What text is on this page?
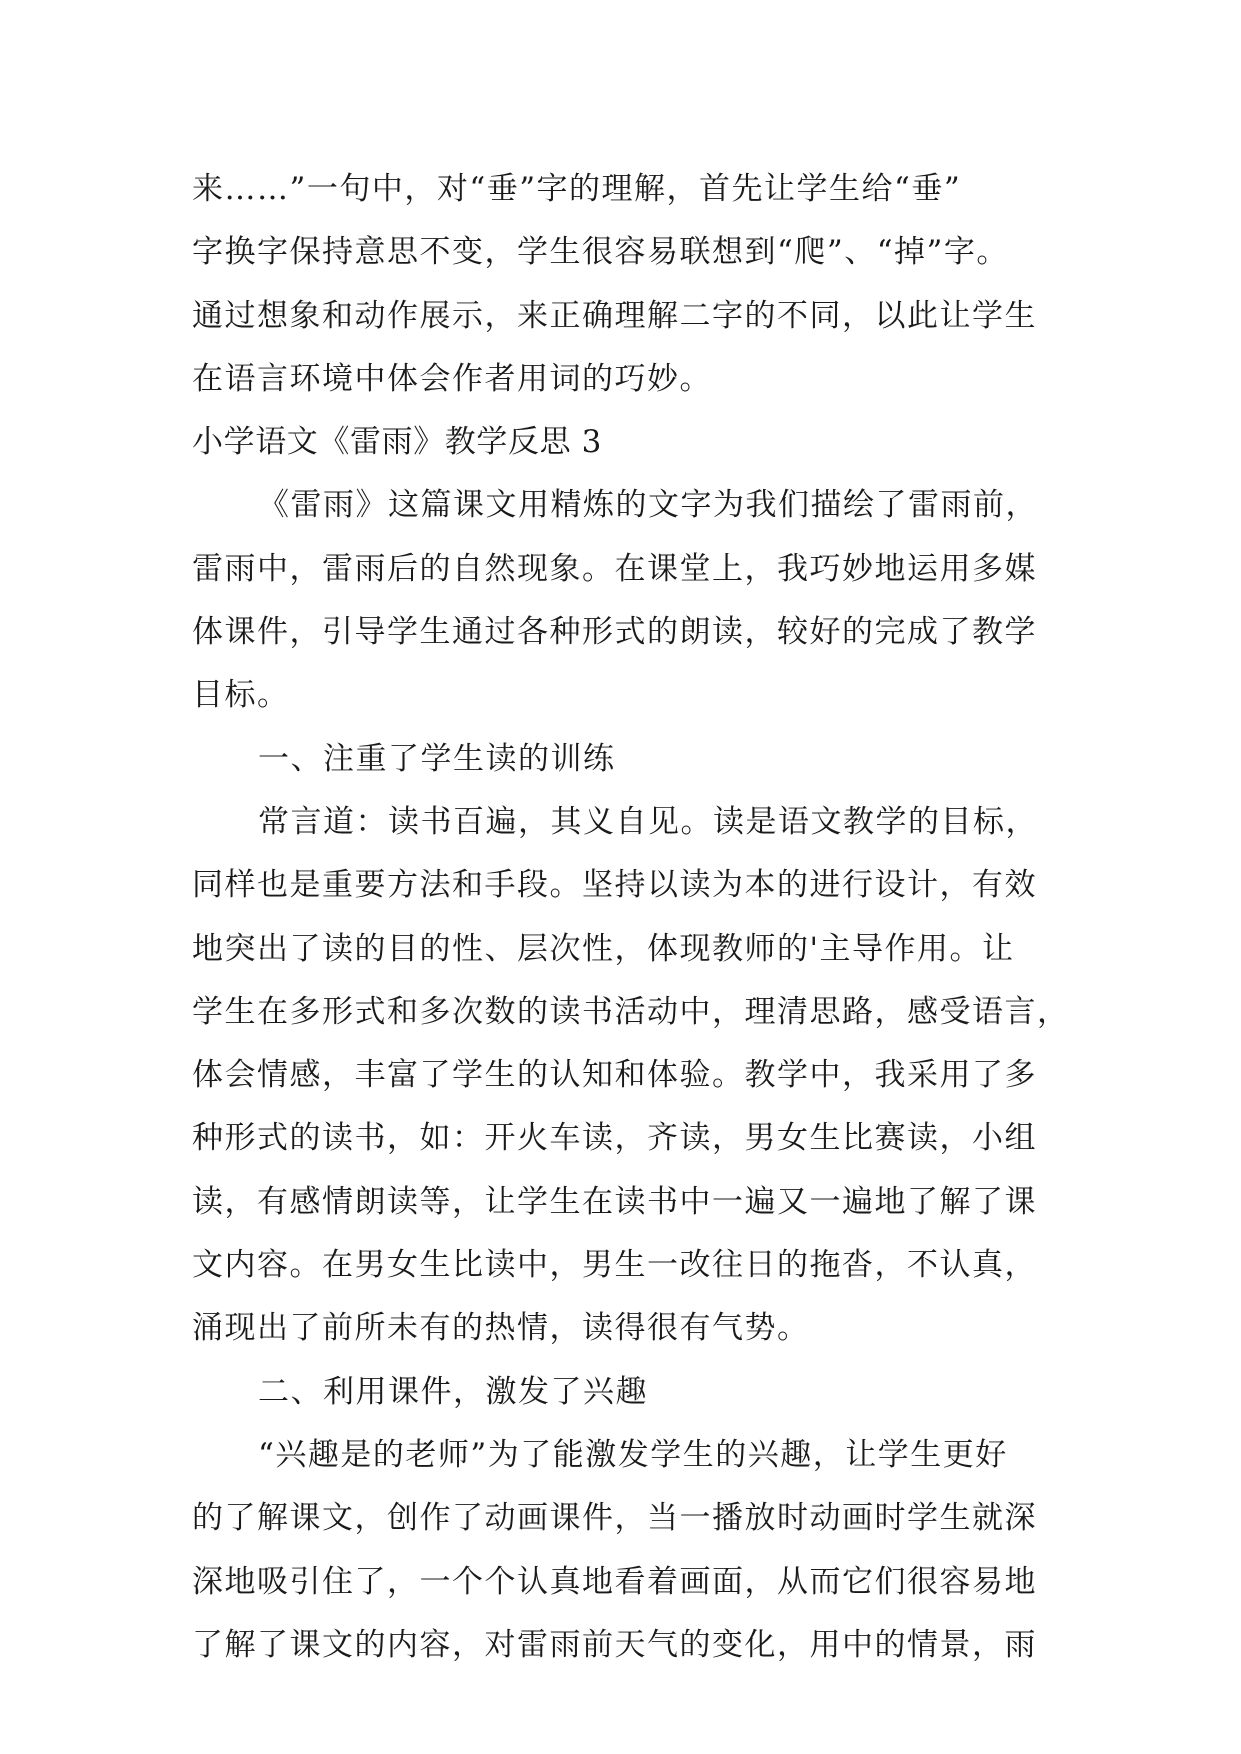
来……”一句中，对“垂”字的理解，首先让学生给“垂”
字换字保持意思不变，学生很容易联想到“爬”、“掉”字。
通过想象和动作展示，来正确理解二字的不同，以此让学生
在语言环境中体会作者用词的巧妙。
小学语文《雷雨》教学反思 3
《雷雨》这篇课文用精炼的文字为我们描绘了雷雨前，
雷雨中，雷雨后的自然现象。在课堂上，我巧妙地运用多媒
体课件，引导学生通过各种形式的朗读，较好的完成了教学
目标。
一、注重了学生读的训练
常言道：读书百遍，其义自见。读是语文教学的目标，
同样也是重要方法和手段。坚持以读为本的进行设计，有效
地突出了读的目的性、层次性，体现教师的'主导作用。让
学生在多形式和多次数的读书活动中，理清思路，感受语言，
体会情感，丰富了学生的认知和体验。教学中，我采用了多
种形式的读书，如：开火车读，齐读，男女生比赛读，小组
读，有感情朗读等，让学生在读书中一遍又一遍地了解了课
文内容。在男女生比读中，男生一改往日的拖沓，不认真，
涌现出了前所未有的热情，读得很有气势。
二、利用课件，激发了兴趣
“兴趣是的老师”为了能激发学生的兴趣，让学生更好
的了解课文，创作了动画课件，当一播放时动画时学生就深
深地吸引住了，一个个认真地看着画面，从而它们很容易地
了解了课文的内容，对雷雨前天气的变化，用中的情景，雨
